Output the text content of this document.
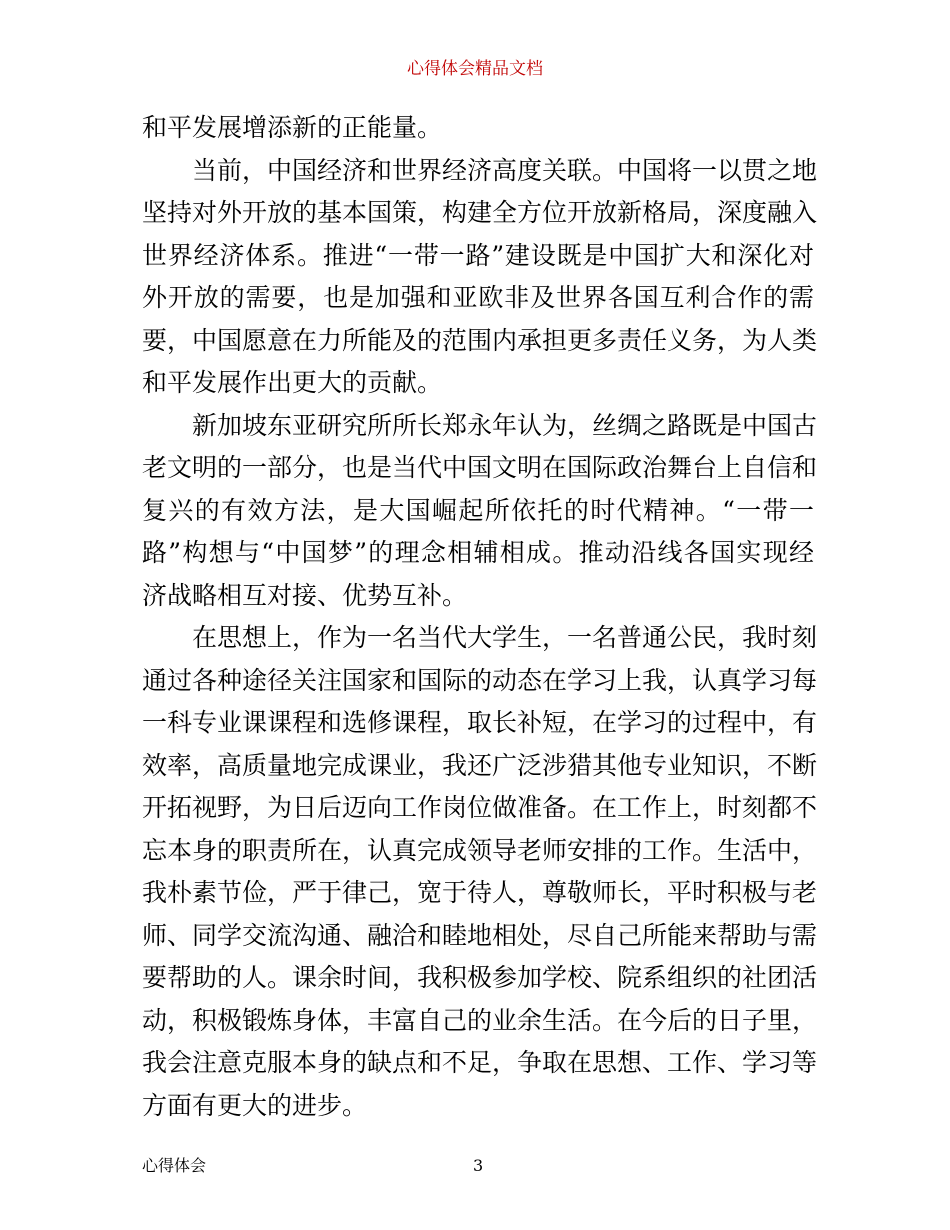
心得体会精品文档
和平发展增添新的正能量。
当前，中国经济和世界经济高度关联。中国将一以贯之地
坚持对外开放的基本国策，构建全方位开放新格局，深度融入
世界经济体系。推进“一带一路”建设既是中国扩大和深化对
外开放的需要，也是加强和亚欧非及世界各国互利合作的需
要，中国愿意在力所能及的范围内承担更多责任义务，为人类
和平发展作出更大的贡献。
新加坡东亚研究所所长郑永年认为，丝绸之路既是中国古
老文明的一部分，也是当代中国文明在国际政治舞台上自信和
复兴的有效方法，是大国崛起所依托的时代精神。“一带一
路”构想与“中国梦”的理念相辅相成。推动沿线各国实现经
济战略相互对接、优势互补。
在思想上，作为一名当代大学生，一名普通公民，我时刻
通过各种途径关注国家和国际的动态在学习上我，认真学习每
一科专业课课程和选修课程，取长补短，在学习的过程中，有
效率，高质量地完成课业，我还广泛涉猎其他专业知识，不断
开拓视野，为日后迈向工作岗位做准备。在工作上，时刻都不
忘本身的职责所在，认真完成领导老师安排的工作。生活中，
我朴素节俭，严于律己，宽于待人，尊敬师长，平时积极与老
师、同学交流沟通、融洽和睦地相处，尽自己所能来帮助与需
要帮助的人。课余时间，我积极参加学校、院系组织的社团活
动，积极锻炼身体，丰富自己的业余生活。在今后的日子里，
我会注意克服本身的缺点和不足，争取在思想、工作、学习等
方面有更大的进步。
心得体会	3
